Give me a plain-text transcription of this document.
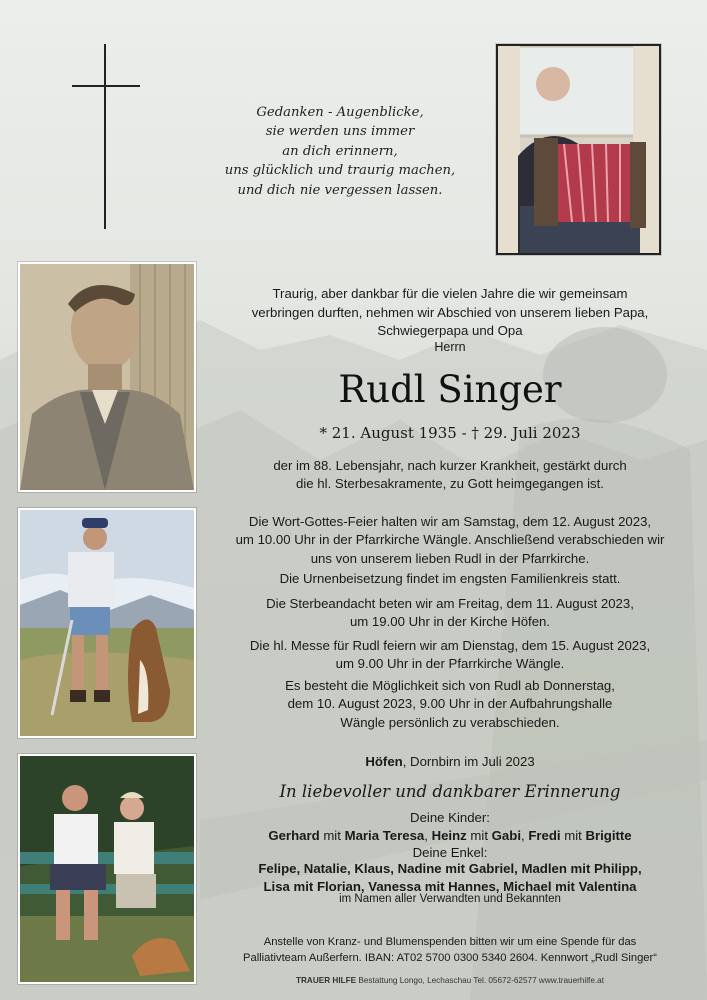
Gedanken - Augenblicke,
sie werden uns immer
an dich erinnern,
uns glücklich und traurig machen,
und dich nie vergessen lassen.
Traurig, aber dankbar für die vielen Jahre die wir gemeinsam
verbringen durften, nehmen wir Abschied von unserem lieben Papa,
Schwiegerpapa und Opa
Herrn
Rudl Singer
* 21. August 1935 - † 29. Juli 2023
der im 88. Lebensjahr, nach kurzer Krankheit, gestärkt durch
die hl. Sterbesakramente, zu Gott heimgegangen ist.
Die Wort-Gottes-Feier halten wir am Samstag, dem 12. August 2023,
um 10.00 Uhr in der Pfarrkirche Wängle. Anschließend verabschieden wir
uns von unserem lieben Rudl in der Pfarrkirche.
Die Urnenbeisetzung findet im engsten Familienkreis statt.
Die Sterbeandacht beten wir am Freitag, dem 11. August 2023,
um 19.00 Uhr in der Kirche Höfen.
Die hl. Messe für Rudl feiern wir am Dienstag, dem 15. August 2023,
um 9.00 Uhr in der Pfarrkirche Wängle.
Es besteht die Möglichkeit sich von Rudl ab Donnerstag,
dem 10. August 2023, 9.00 Uhr in der Aufbahrungshalle
Wängle persönlich zu verabschieden.
Höfen, Dornbirn im Juli 2023
In liebevoller und dankbarer Erinnerung
Deine Kinder:
Gerhard mit Maria Teresa, Heinz mit Gabi, Fredi mit Brigitte
Deine Enkel:
Felipe, Natalie, Klaus, Nadine mit Gabriel, Madlen mit Philipp,
Lisa mit Florian, Vanessa mit Hannes, Michael mit Valentina
im Namen aller Verwandten und Bekannten
Anstelle von Kranz- und Blumenspenden bitten wir um eine Spende für das
Palliativteam Außerfern. IBAN: AT02 5700 0300 5340 2604. Kennwort „Rudl Singer“
TRAUER HILFE Bestattung Longo, Lechaschau Tel. 05672-62577 www.trauerhilfe.at
